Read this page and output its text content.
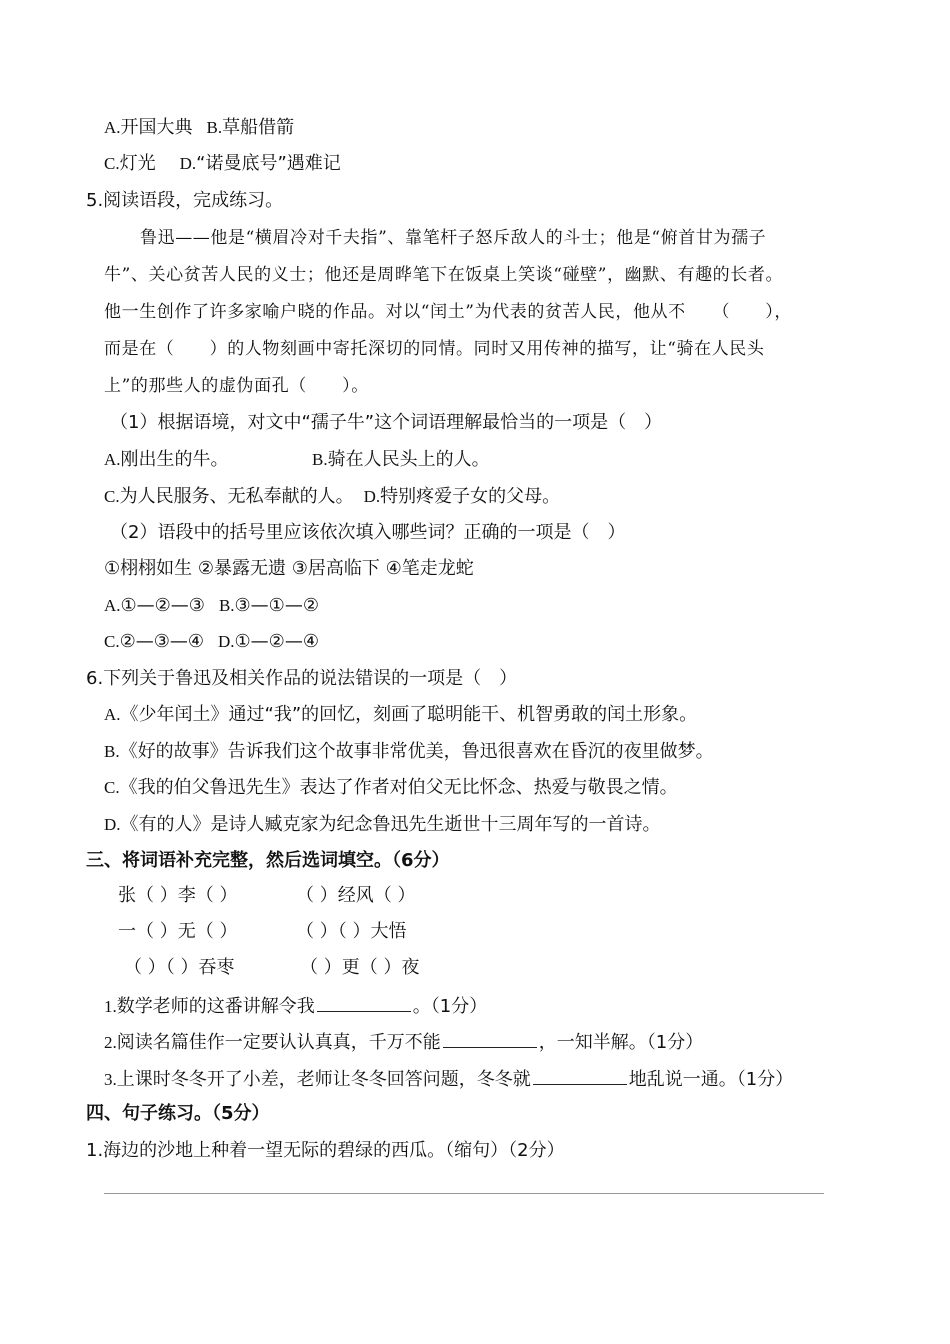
A.开国大典 B.草船借箭
C.灯光 D.“诺曼底号”遇难记
5.阅读语段，完成练习。
鲁迅——他是“横眉冷对千夫指”、靠笔杆子怒斥敌人的斗士；他是“俯首甘为孺子
牛”、关心贫苦人民的义士；他还是周晔笔下在饭桌上笑谈“碰壁”，幽默、有趣的长者。
他一生创作了许多家喻户晓的作品。对以“闰土”为代表的贫苦人民，他从不　　（　　），
而是在（　　）的人物刻画中寄托深切的同情。同时又用传神的描写，让“骑在人民头
上”的那些人的虚伪面孔（　　）。
（1）根据语境，对文中“孺子牛”这个词语理解最恰当的一项是（　）
A.刚出生的牛。	B.骑在人民头上的人。
C.为人民服务、无私奉献的人。 D.特别疼爱子女的父母。
（2）语段中的括号里应该依次填入哪些词？正确的一项是（　）
①栩栩如生 ②暴露无遗 ③居高临下 ④笔走龙蛇
A.①—②—③ B.③—①—②
C.②—③—④ D.①—②—④
6.下列关于鲁迅及相关作品的说法错误的一项是（　）
A.《少年闰土》通过“我”的回忆，刻画了聪明能干、机智勇敢的闰土形象。
B.《好的故事》告诉我们这个故事非常优美，鲁迅很喜欢在昏沉的夜里做梦。
C.《我的伯父鲁迅先生》表达了作者对伯父无比怀念、热爱与敬畏之情。
D.《有的人》是诗人臧克家为纪念鲁迅先生逝世十三周年写的一首诗。
三、将词语补充完整，然后选词填空。（6分）
张（ ）李（ ）	（ ）经风（ ）
一（ ）无（ ）	（ ）（ ）大悟
（ ）（ ）吞枣	（ ）更（ ）夜
1.数学老师的这番讲解令我	。（1分）
2.阅读名篇佳作一定要认认真真，千万不能	，一知半解。（1分）
3.上课时冬冬开了小差，老师让冬冬回答问题，冬冬就	地乱说一通。（1分）
四、句子练习。（5分）
1.海边的沙地上种着一望无际的碧绿的西瓜。（缩句）（2分）
